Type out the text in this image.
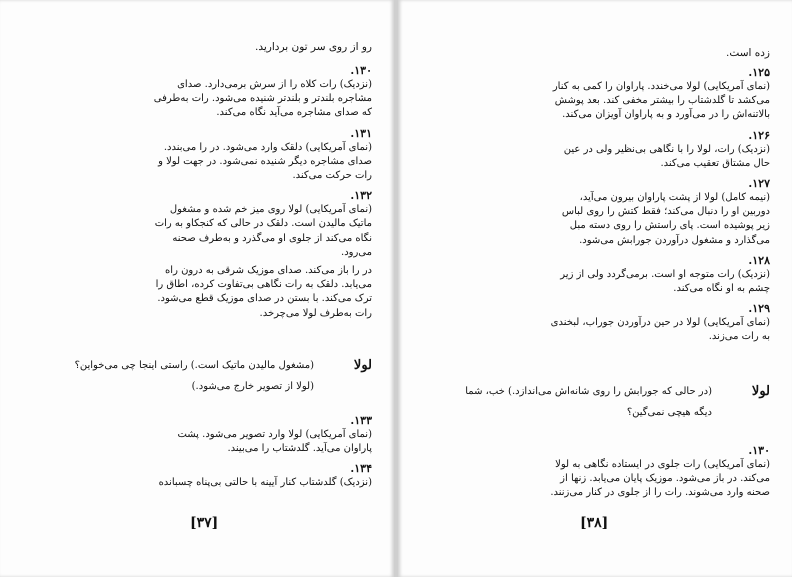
رو از روی سر تون بردارید.
۱۳۰.
(نزدیک) رات کلاه را از سرش برمی‌دارد. صدای مشاجره بلندتر و بلندتر شنیده می‌شود. رات به‌طرفی که صدای مشاجره می‌آید نگاه می‌کند.
۱۳۱.
(نمای آمریکایی) دلقک وارد می‌شود. در را می‌بندد. صدای مشاجره دیگر شنیده نمی‌شود. در جهت لولا و رات حرکت می‌کند.
۱۳۲.
(نمای آمریکایی) لولا روی میز خم شده و مشغول ماتیک مالیدن است. دلقک در حالی که کنجکاو به رات نگاه می‌کند از جلوی او می‌گذرد و به‌طرف صحنه می‌رود.
در را باز می‌کند. صدای موزیک شرقی به درون راه می‌یابد. دلقک به رات نگاهی بی‌تفاوت کرده، اطاق را ترک می‌کند. با بستن در صدای موزیک قطع می‌شود. رات به‌طرف لولا می‌چرخد.
لولا
(مشغول مالیدن ماتیک است.) راستی اینجا چی می‌خواین؟
(لولا از تصویر خارج می‌شود.)
۱۳۳.
(نمای آمریکایی) لولا وارد تصویر می‌شود. پشت پاراوان می‌آید. گلدشتاب را می‌بیند.
۱۳۴.
(نزدیک) گلدشتاب کنار آیینه با حالتی بی‌پناه چسبانده
[۳۷]
زده است.
۱۲۵.
(نمای آمریکایی) لولا می‌خندد. پاراوان را کمی به کنار می‌کشد تا گلدشتاب را بیشتر مخفی کند. بعد پوشش بالاتنه‌اش را در می‌آورد و به پاراوان آویزان می‌کند.
۱۲۶.
(نزدیک) رات، لولا را با نگاهی بی‌نظیر ولی در عین حال مشتاق تعقیب می‌کند.
۱۲۷.
(نیمه کامل) لولا از پشت پاراوان بیرون می‌آید، دوربین او را دنبال می‌کند؛ فقط کتش را روی لباس زیر پوشیده است. پای راستش را روی دسته مبل می‌گذارد و مشغول درآوردن جورابش می‌شود.
۱۲۸.
(نزدیک) رات متوجه او است. برمی‌گردد ولی از زیر چشم به او نگاه می‌کند.
۱۲۹.
(نمای آمریکایی) لولا در حین درآوردن جوراب، لبخندی به رات می‌زند.
لولا
(در حالی که جورابش را روی شانه‌اش می‌اندازد.) خب، شما
دیگه هیچی نمی‌گین؟
۱۳۰.
(نمای آمریکایی) رات جلوی در ایستاده نگاهی به لولا می‌کند. در باز می‌شود. موزیک پایان می‌یابد. زنها از صحنه وارد می‌شوند. رات را از جلوی در کنار می‌زنند.
[۳۸]
